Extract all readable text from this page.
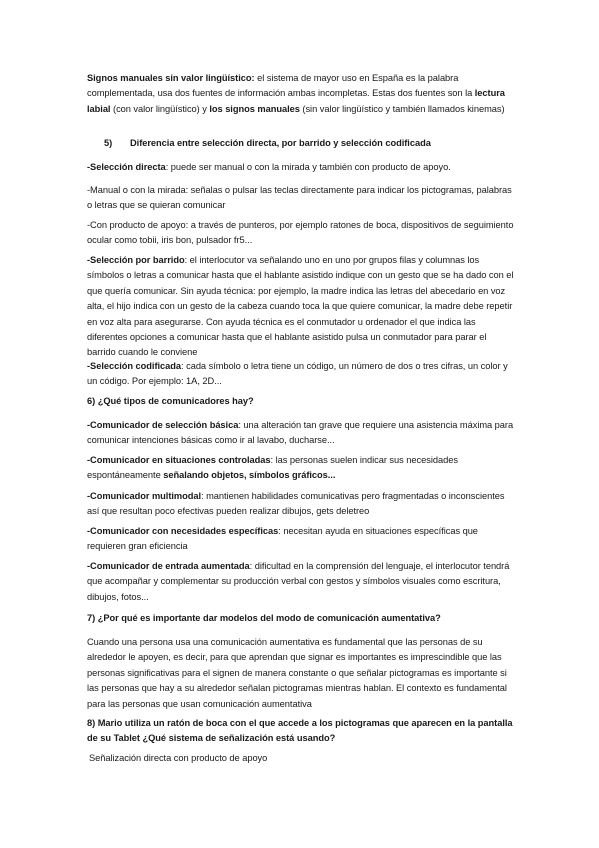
Signos manuales sin valor lingüístico: el sistema de mayor uso en España es la palabra complementada, usa dos fuentes de información ambas incompletas. Estas dos fuentes son la lectura labial (con valor lingüístico) y los signos manuales (sin valor lingüístico y también llamados kinemas)

5) Diferencia entre selección directa, por barrido y selección codificada

-Selección directa: puede ser manual o con la mirada y también con producto de apoyo.

-Manual o con la mirada: señalas o pulsar las teclas directamente para indicar los pictogramas, palabras o letras que se quieran comunicar

-Con producto de apoyo: a través de punteros, por ejemplo ratones de boca, dispositivos de seguimiento ocular como tobii, iris bon, pulsador fr5...

-Selección por barrido: el interlocutor va señalando uno en uno por grupos filas y columnas los símbolos o letras a comunicar hasta que el hablante asistido indique con un gesto que se ha dado con el que quería comunicar. Sin ayuda técnica: por ejemplo, la madre indica las letras del abecedario en voz alta, el hijo indica con un gesto de la cabeza cuando toca la que quiere comunicar, la madre debe repetir en voz alta para asegurarse. Con ayuda técnica es el conmutador u ordenador el que indica las diferentes opciones a comunicar hasta que el hablante asistido pulsa un conmutador para parar el barrido cuando le conviene

-Selección codificada: cada símbolo o letra tiene un código, un número de dos o tres cifras, un color y un código. Por ejemplo: 1A, 2D...

6) ¿Qué tipos de comunicadores hay?

-Comunicador de selección básica: una alteración tan grave que requiere una asistencia máxima para comunicar intenciones básicas como ir al lavabo, ducharse...

-Comunicador en situaciones controladas: las personas suelen indicar sus necesidades espontáneamente señalando objetos, símbolos gráficos...

-Comunicador multimodal: mantienen habilidades comunicativas pero fragmentadas o inconscientes así que resultan poco efectivas pueden realizar dibujos, gets deletreo

-Comunicador con necesidades específicas: necesitan ayuda en situaciones específicas que requieren gran eficiencia

-Comunicador de entrada aumentada: dificultad en la comprensión del lenguaje, el interlocutor tendrá que acompañar y complementar su producción verbal con gestos y símbolos visuales como escritura, dibujos, fotos...

7) ¿Por qué es importante dar modelos del modo de comunicación aumentativa?

Cuando una persona usa una comunicación aumentativa es fundamental que las personas de su alrededor le apoyen, es decir, para que aprendan que signar es importantes es imprescindible que las personas significativas para el signen de manera constante o que señalar pictogramas es importante si las personas que hay a su alrededor señalan pictogramas mientras hablan. El contexto es fundamental para las personas que usan comunicación aumentativa

8) Mario utiliza un ratón de boca con el que accede a los pictogramas que aparecen en la pantalla de su Tablet ¿Qué sistema de señalización está usando?

Señalización directa con producto de apoyo
